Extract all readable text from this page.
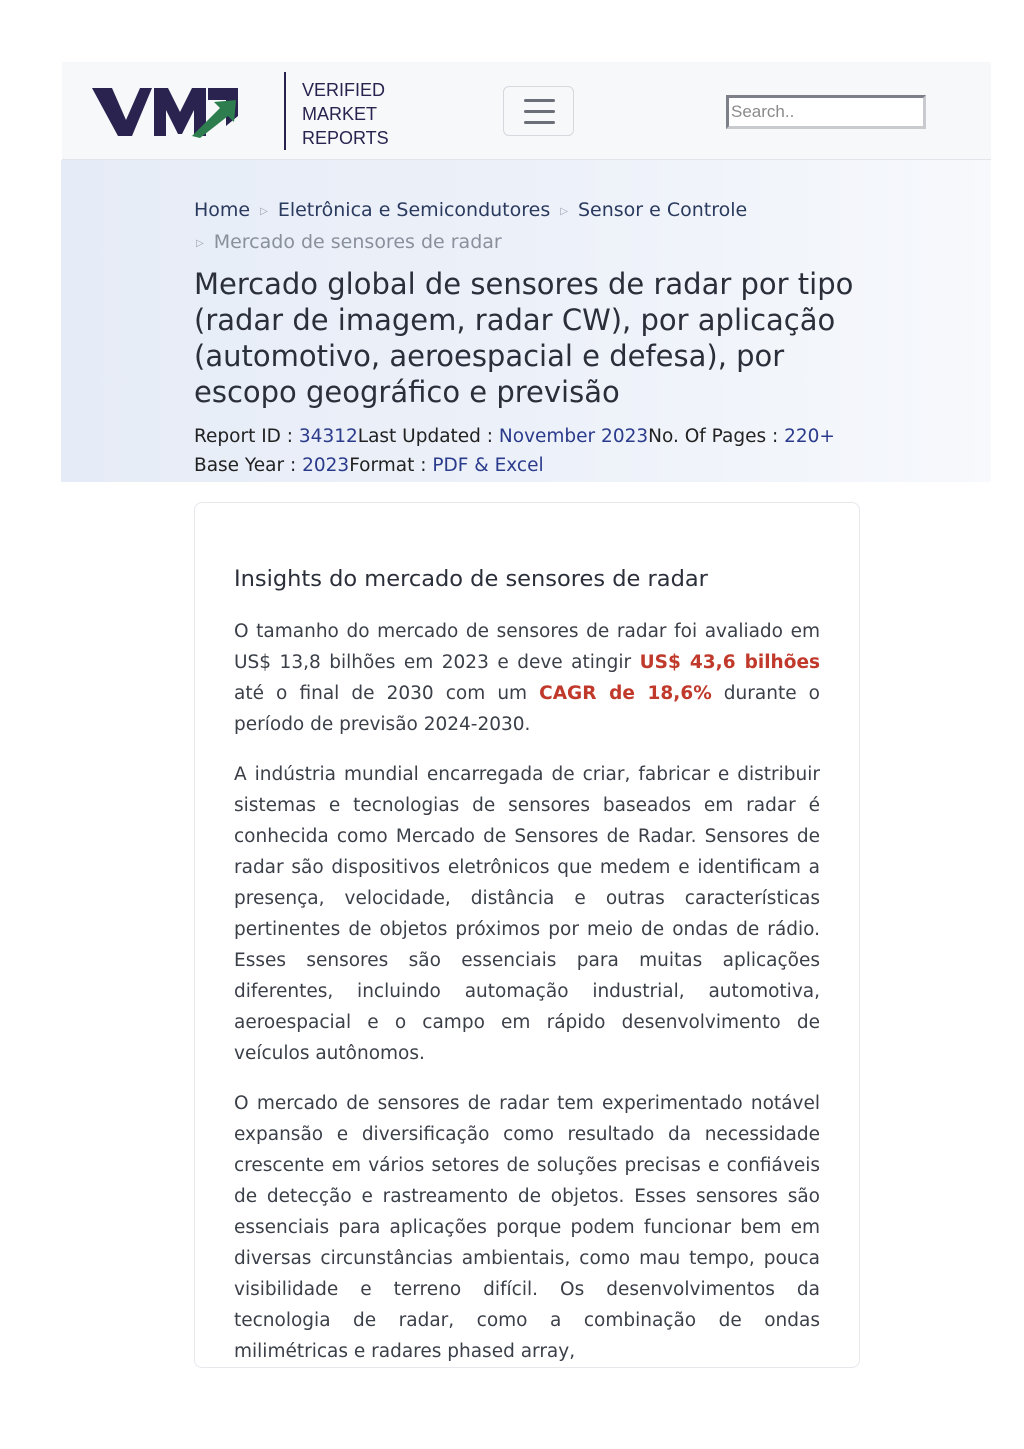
VERIFIED
MARKET
REPORTS
Search..
Home ▷ Eletrônica e Semicondutores ▷ Sensor e Controle
▷ Mercado de sensores de radar
Mercado global de sensores de radar por tipo (radar de imagem, radar CW), por aplicação (automotivo, aeroespacial e defesa), por escopo geográfico e previsão
Report ID : 34312Last Updated : November 2023No. Of Pages : 220+
Base Year : 2023Format : PDF & Excel
Insights do mercado de sensores de radar

O tamanho do mercado de sensores de radar foi avaliado em US$ 13,8 bilhões em 2023 e deve atingir US$ 43,6 bilhões até o final de 2030 com um CAGR de 18,6% durante o período de previsão 2024-2030.

A indústria mundial encarregada de criar, fabricar e distribuir sistemas e tecnologias de sensores baseados em radar é conhecida como Mercado de Sensores de Radar. Sensores de radar são dispositivos eletrônicos que medem e identificam a presença, velocidade, distância e outras características pertinentes de objetos próximos por meio de ondas de rádio. Esses sensores são essenciais para muitas aplicações diferentes, incluindo automação industrial, automotiva, aeroespacial e o campo em rápido desenvolvimento de veículos autônomos.

O mercado de sensores de radar tem experimentado notável expansão e diversificação como resultado da necessidade crescente em vários setores de soluções precisas e confiáveis de detecção e rastreamento de objetos. Esses sensores são essenciais para aplicações porque podem funcionar bem em diversas circunstâncias ambientais, como mau tempo, pouca visibilidade e terreno difícil. Os desenvolvimentos da tecnologia de radar, como a combinação de ondas milimétricas e radares phased array,
